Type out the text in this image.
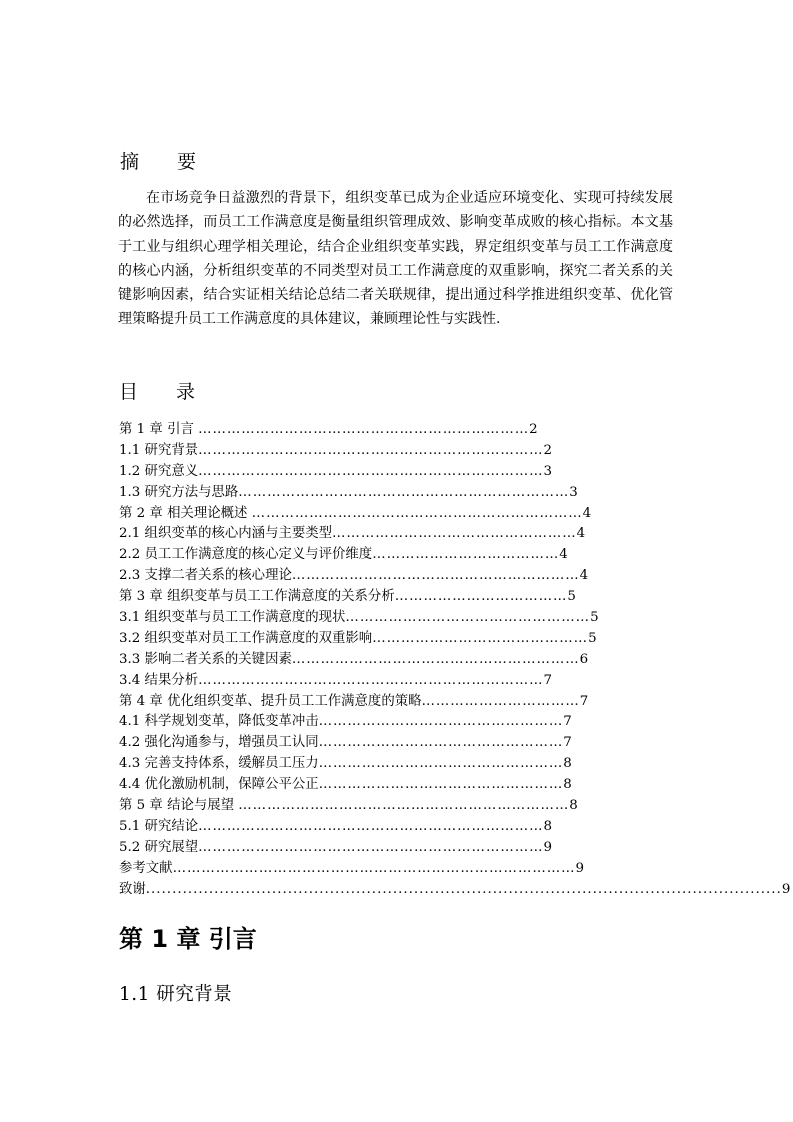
摘 要
在市场竞争日益激烈的背景下，组织变革已成为企业适应环境变化、实现可持续发展的必然选择，而员工工作满意度是衡量组织管理成效、影响变革成败的核心指标。本文基于工业与组织心理学相关理论，结合企业组织变革实践，界定组织变革与员工工作满意度的核心内涵，分析组织变革的不同类型对员工工作满意度的双重影响，探究二者关系的关键影响因素，结合实证相关结论总结二者关联规律，提出通过科学推进组织变革、优化管理策略提升员工工作满意度的具体建议，兼顾理论性与实践性.
目 录
第 1 章 引言 ……………………………………………………………2
1.1 研究背景………………………………………………………………2
1.2 研究意义………………………………………………………………3
1.3 研究方法与思路……………………………………………………………3
第 2 章 相关理论概述 ……………………………………………………………4
2.1 组织变革的核心内涵与主要类型……………………………………………4
2.2 员工工作满意度的核心定义与评价维度…………………………………4
2.3 支撑二者关系的核心理论……………………………………………………4
第 3 章 组织变革与员工工作满意度的关系分析………………………………5
3.1 组织变革与员工工作满意度的现状……………………………………………5
3.2 组织变革对员工工作满意度的双重影响………………………………………5
3.3 影响二者关系的关键因素……………………………………………………6
3.4 结果分析………………………………………………………………7
第 4 章 优化组织变革、提升员工工作满意度的策略……………………………7
4.1 科学规划变革，降低变革冲击……………………………………………7
4.2 强化沟通参与，增强员工认同……………………………………………7
4.3 完善支持体系，缓解员工压力……………………………………………8
4.4 优化激励机制，保障公平公正……………………………………………8
第 5 章 结论与展望 ……………………………………………………………8
5.1 研究结论………………………………………………………………8
5.2 研究展望………………………………………………………………9
参考文献…………………………………………………………………………9
致谢.........................................................................................................................9
第 1 章 引言
1.1 研究背景
